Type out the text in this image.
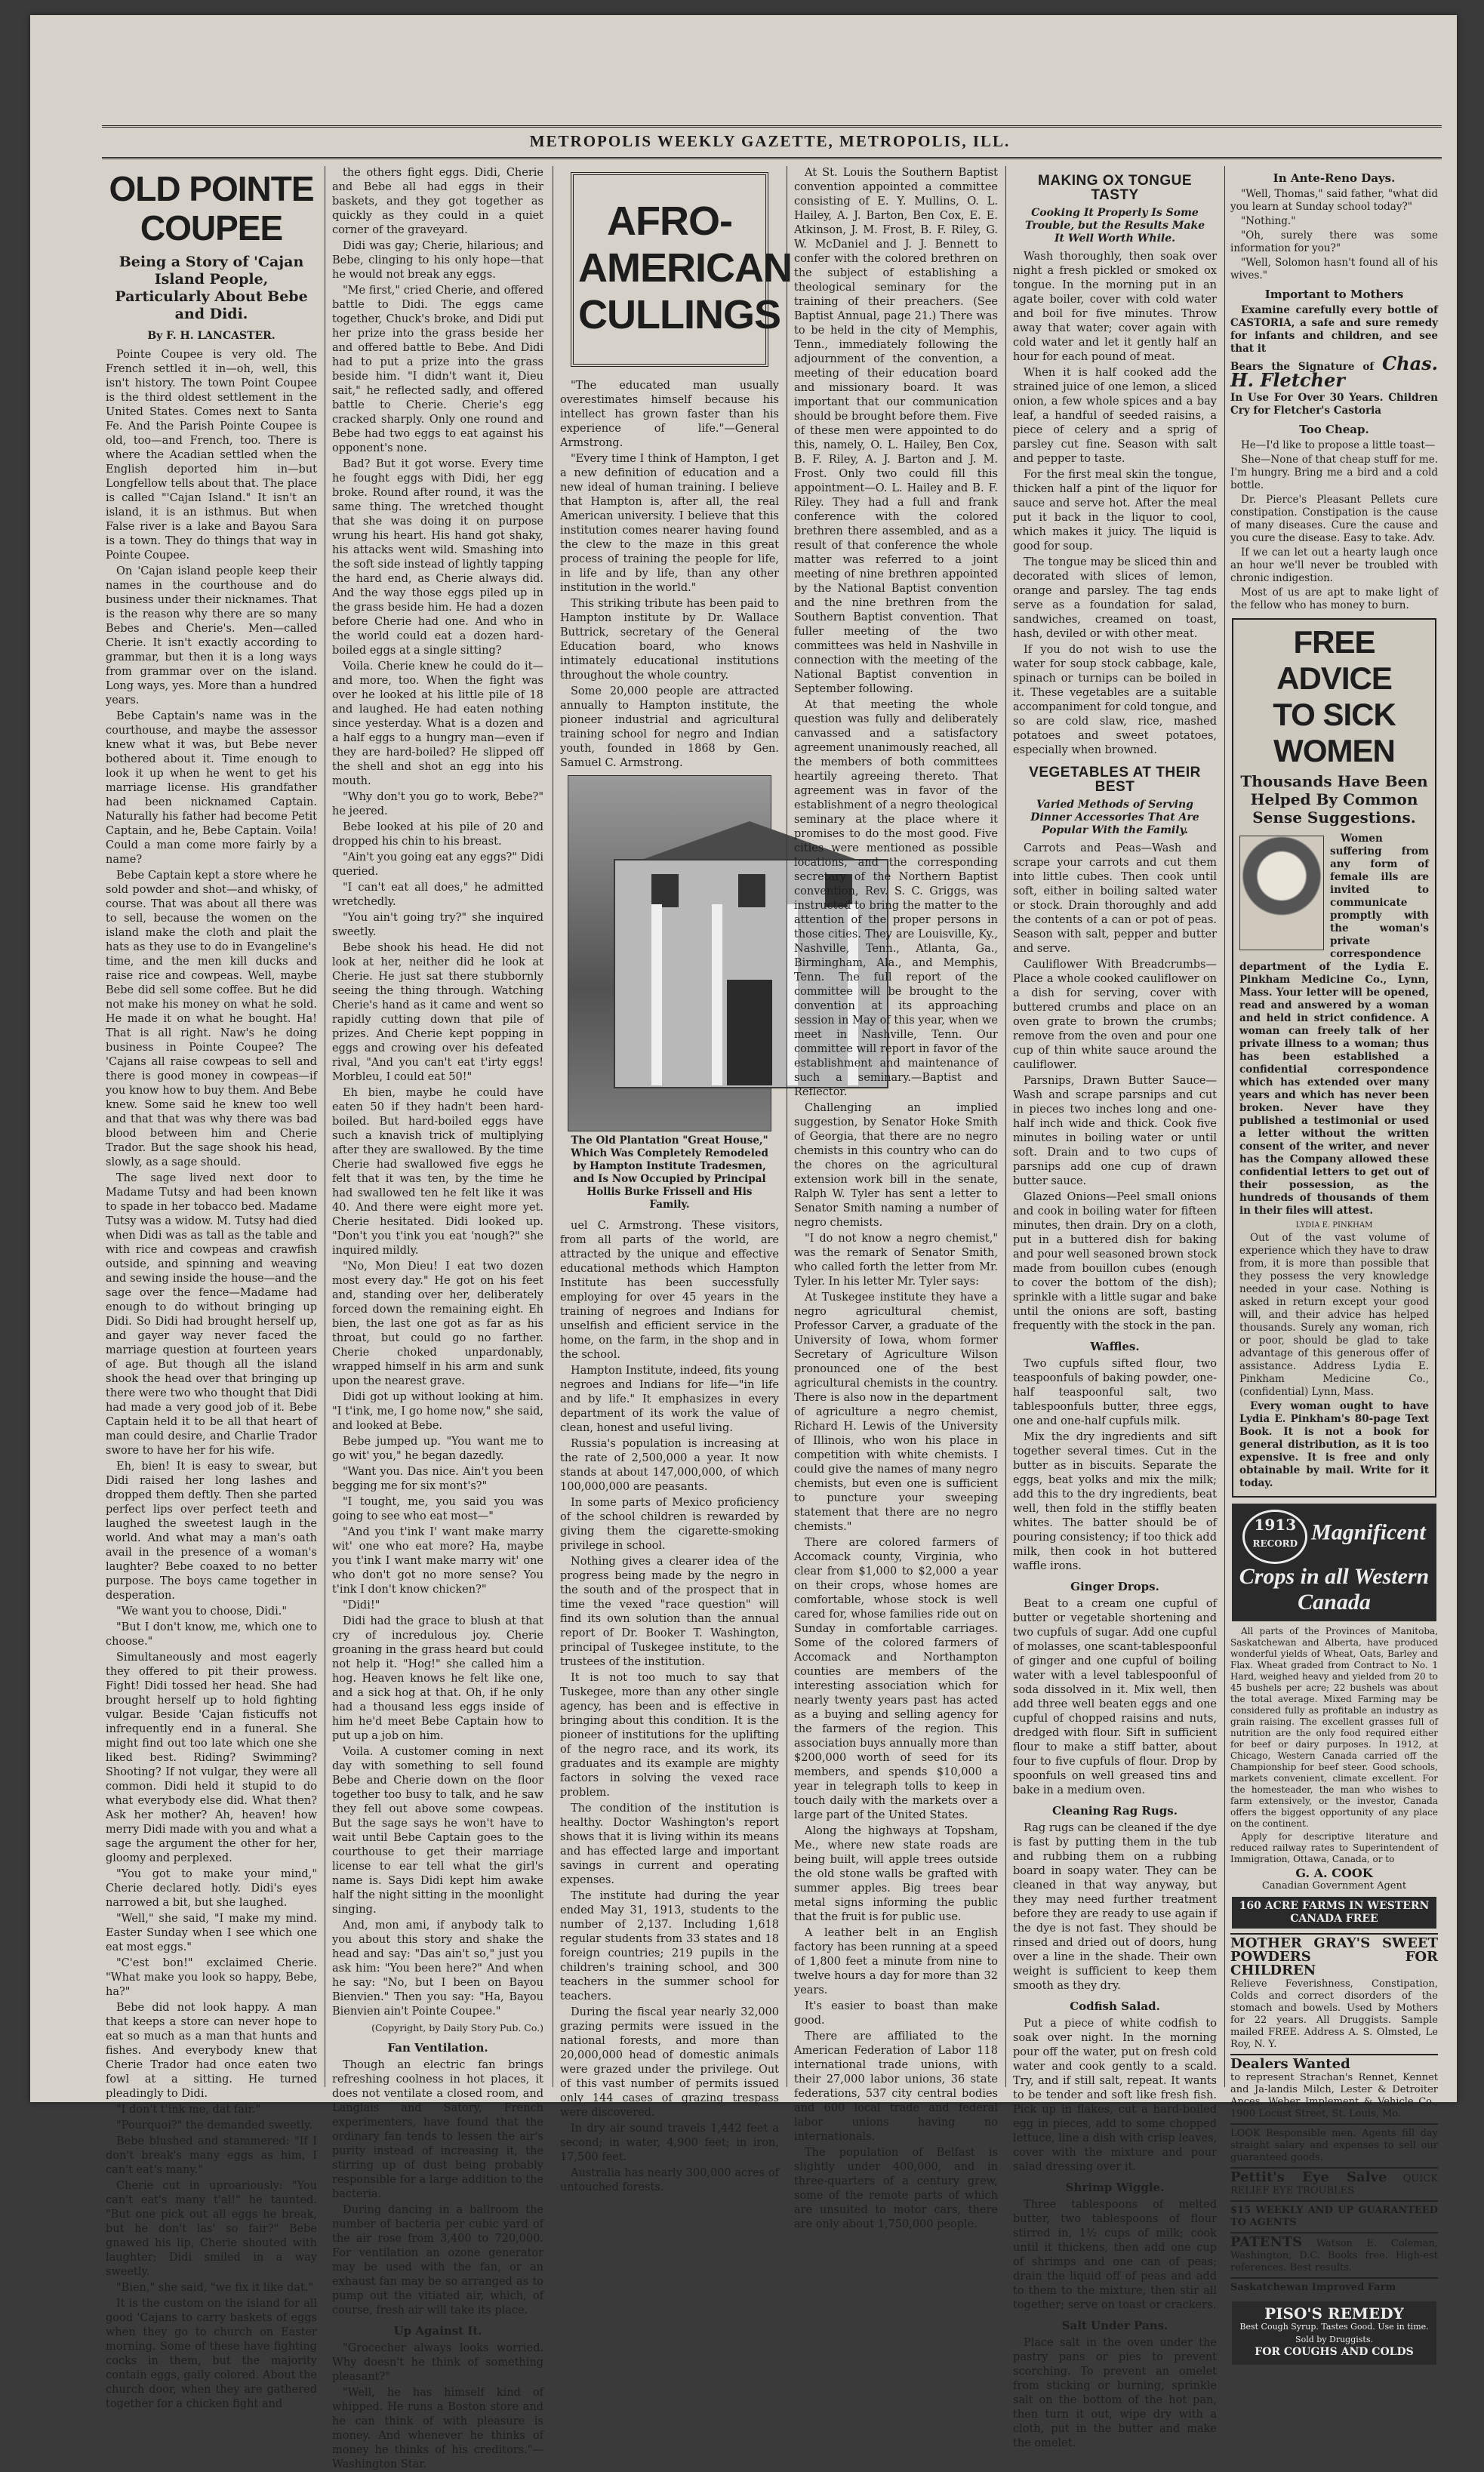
METROPOLIS WEEKLY GAZETTE, METROPOLIS, ILL.
OLD POINTE COUPEE
Being a Story of 'Cajan Island People, Particularly About Bebe and Didi.
By F. H. LANCASTER.

Pointe Coupee is very old. The French settled it in—oh, well, this isn't history. The town Point Coupee is the third oldest settlement in the United States. Comes next to Santa Fe. And the Parish Pointe Coupee is old, too—and French, too. There is where the Acadian settled when the English deported him in—but Longfellow tells about that. The place is called "'Cajan Island." It isn't an island, it is an isthmus. But when False river is a lake and Bayou Sara is a town. They do things that way in Pointe Coupee.

On 'Cajan island people keep their names in the courthouse and do business under their nicknames. That is the reason why there are so many Bebes and Cherie's. Men—called Cherie. It isn't exactly according to grammar, but then it is a long ways from grammar over on the island. Long ways, yes. More than a hundred years.

Bebe Captain's name was in the courthouse, and maybe the assessor knew what it was, but Bebe never bothered about it. Time enough to look it up when he went to get his marriage license. His grandfather had been nicknamed Captain. Naturally his father had become Petit Captain, and he, Bebe Captain. Voila! Could a man come more fairly by a name?

Bebe Captain kept a store where he sold powder and shot—and whisky, of course. That was about all there was to sell, because the women on the island make the cloth and plait the hats as they use to do in Evangeline's time, and the men kill ducks and raise rice and cowpeas. Well, maybe Bebe did sell some coffee. But he did not make his money on what he sold. He made it on what he bought. Ha! That is all right. Naw's he doing business in Pointe Coupee? The 'Cajans all raise cowpeas to sell and there is good money in cowpeas—if you know how to buy them. And Bebe knew. Some said he knew too well and that that was why there was bad blood between him and Cherie Trador. But the sage shook his head, slowly, as a sage should.

The sage lived next door to Madame Tutsy and had been known to spade in her tobacco bed. Madame Tutsy was a widow. M. Tutsy had died when Didi was as tall as the table and with rice and cowpeas and crawfish outside, and spinning and weaving and sewing inside the house—and the sage over the fence—Madame had enough to do without bringing up Didi. So Didi had brought herself up, and gayer way never faced the marriage question at fourteen years of age. But though all the island shook the head over that bringing up there were two who thought that Didi had made a very good job of it. Bebe Captain held it to be all that heart of man could desire, and Charlie Trador swore to have her for his wife.

Eh, bien! It is easy to swear, but Didi raised her long lashes and dropped them deftly. Then she parted perfect lips over perfect teeth and laughed the sweetest laugh in the world. And what may a man's oath avail in the presence of a woman's laughter? Bebe coaxed to no better purpose. The boys came together in desperation.

"We want you to choose, Didi."

"But I don't know, me, which one to choose."

Simultaneously and most eagerly they offered to pit their prowess. Fight! Didi tossed her head. She had brought herself up to hold fighting vulgar. Beside 'Cajan fisticuffs not infrequently end in a funeral. She might find out too late which one she liked best. Riding? Swimming? Shooting? If not vulgar, they were all common. Didi held it stupid to do what everybody else did. What then? Ask her mother? Ah, heaven! how merry Didi made with you and what a sage the argument the other for her, gloomy and perplexed.

"You got to make your mind," Cherie declared hotly. Didi's eyes narrowed a bit, but she laughed.

"Well," she said, "I make my mind. Easter Sunday when I see which one eat most eggs."

"C'est bon!" exclaimed Cherie. "What make you look so happy, Bebe, ha?"

Bebe did not look happy. A man that keeps a store can never hope to eat so much as a man that hunts and fishes. And everybody knew that Cherie Trador had once eaten two fowl at a sitting. He turned pleadingly to Didi.

"I don't t'ink me, dat fair."

"Pourquoi?" the demanded sweetly.

Bebe blushed and stammered: "If I don't break's many eggs as him, I can't eat's many."

Cherie cut in uproariously: "You can't eat's many t'al!" he taunted. "But one pick out all eggs he break, but he don't las' so fair?" Bebe gnawed his lip, Cherie shouted with laughter; Didi smiled in a way sweetly.

"Bien," she said, "we fix it like dat."

It is the custom on the island for all good 'Cajans to carry baskets of eggs when they go to church on Easter morning. Some of these have fighting cocks in them, but the majority contain eggs, gaily colored. About the church door, when they are gathered together for a chicken fight and

the others fight eggs. Didi, Cherie and Bebe all had eggs in their baskets, and they got together as quickly as they could in a quiet corner of the graveyard.

Didi was gay; Cherie, hilarious; and Bebe, clinging to his only hope—that he would not break any eggs.

"Me first," cried Cherie, and offered battle to Didi. The eggs came together, Chuck's broke, and Didi put her prize into the grass beside her and offered battle to Bebe. And Didi had to put a prize into the grass beside him. "I didn't want it, Dieu sait," he reflected sadly, and offered battle to Cherie. Cherie's egg cracked sharply. Only one round and Bebe had two eggs to eat against his opponent's none.

Bad? But it got worse. Every time he fought eggs with Didi, her egg broke. Round after round, it was the same thing. The wretched thought that she was doing it on purpose wrung his heart. His hand got shaky, his attacks went wild. Smashing into the soft side instead of lightly tapping the hard end, as Cherie always did. And the way those eggs piled up in the grass beside him. He had a dozen before Cherie had one. And who in the world could eat a dozen hard-boiled eggs at a single sitting?

Voila. Cherie knew he could do it—and more, too. When the fight was over he looked at his little pile of 18 and laughed. He had eaten nothing since yesterday. What is a dozen and a half eggs to a hungry man—even if they are hard-boiled? He slipped off the shell and shot an egg into his mouth.

"Why don't you go to work, Bebe?" he jeered.

Bebe looked at his pile of 20 and dropped his chin to his breast.

"Ain't you going eat any eggs?" Didi queried.

"I can't eat all does," he admitted wretchedly.

"You ain't going try?" she inquired sweetly.

Bebe shook his head. He did not look at her, neither did he look at Cherie. He just sat there stubbornly seeing the thing through. Watching Cherie's hand as it came and went so rapidly cutting down that pile of prizes. And Cherie kept popping in eggs and crowing over his defeated rival, "And you can't eat t'irty eggs! Morbleu, I could eat 50!"

Eh bien, maybe he could have eaten 50 if they hadn't been hard-boiled. But hard-boiled eggs have such a knavish trick of multiplying after they are swallowed. By the time Cherie had swallowed five eggs he felt that it was ten, by the time he had swallowed ten he felt like it was 40. And there were eight more yet. Cherie hesitated. Didi looked up. "Don't you t'ink you eat 'nough?" she inquired mildly.

"No, Mon Dieu! I eat two dozen most every day." He got on his feet and, standing over her, deliberately forced down the remaining eight. Eh bien, the last one got as far as his throat, but could go no farther. Cherie choked unpardonably, wrapped himself in his arm and sunk upon the nearest grave.

Didi got up without looking at him. "I t'ink, me, I go home now," she said, and looked at Bebe.

Bebe jumped up. "You want me to go wit' you," he began dazedly.

"Want you. Das nice. Ain't you been begging me for six mont's?"

"I tought, me, you said you was going to see who eat most—"

"And you t'ink I' want make marry wit' one who eat more? Ha, maybe you t'ink I want make marry wit' one who don't got no more sense? You t'ink I don't know chicken?"

"Didi!"

Didi had the grace to blush at that cry of incredulous joy. Cherie groaning in the grass heard but could not help it. "Hog!" she called him a hog. Heaven knows he felt like one, and a sick hog at that. Oh, if he only had a thousand less eggs inside of him he'd meet Bebe Captain how to put up a job on him.

Voila. A customer coming in next day with something to sell found Bebe and Cherie down on the floor together too busy to talk, and he saw they fell out above some cowpeas. But the sage says he won't have to wait until Bebe Captain goes to the courthouse to get their marriage license to ear tell what the girl's name is. Says Didi kept him awake half the night sitting in the moonlight singing.

And, mon ami, if anybody talk to you about this story and shake the head and say: "Das ain't so," just you ask him: "You been here?" And when he say: "No, but I been on Bayou Bienvien." Then you say: "Ha, Bayou Bienvien ain't Pointe Coupee."

(Copyright, by Daily Story Pub. Co.)

Fan Ventilation.

Though an electric fan brings refreshing coolness in hot places, it does not ventilate a closed room, and Langlais and Satory, French experimenters, have found that the ordinary fan tends to lessen the air's purity instead of increasing it, the stirring up of dust being probably responsible for a large addition to the bacteria.

During dancing in a ballroom the number of bacteria per cubic yard of the air rose from 3,400 to 720,000. For ventilation an ozone generator may be used with the fan, or an exhaust fan may be so arranged as to pump out the vitiated air, which, of course, fresh air will take its place.

Up Against It.

"Grocecher always looks worried. Why doesn't he think of something pleasant?"

"Well, he has himself kind of whipped. He runs a Boston store and he can think of with pleasure is money. And whenever he thinks of money he thinks of his creditors."—Washington Star.

AFRO-AMERICAN
CULLINGS

"The educated man usually overestimates himself because his intellect has grown faster than his experience of life."—General Armstrong.

"Every time I think of Hampton, I get a new definition of education and a new ideal of human training. I believe that Hampton is, after all, the real American university. I believe that this institution comes nearer having found the clew to the maze in this great process of training the people for life, in life and by life, than any other institution in the world."

This striking tribute has been paid to Hampton institute by Dr. Wallace Buttrick, secretary of the General Education board, who knows intimately educational institutions throughout the whole country.

Some 20,000 people are attracted annually to Hampton institute, the pioneer industrial and agricultural training school for negro and Indian youth, founded in 1868 by Gen. Samuel C. Armstrong.

The Old Plantation "Great House," Which Was Completely Remodeled by Hampton Institute Tradesmen, and Is Now Occupied by Principal Hollis Burke Frissell and His Family.

uel C. Armstrong. These visitors, from all parts of the world, are attracted by the unique and effective educational methods which Hampton Institute has been successfully employing for over 45 years in the training of negroes and Indians for unselfish and efficient service in the home, on the farm, in the shop and in the school.

Hampton Institute, indeed, fits young negroes and Indians for life—"in life and by life." It emphasizes in every department of its work the value of clean, honest and useful living.

Russia's population is increasing at the rate of 2,500,000 a year. It now stands at about 147,000,000, of which 100,000,000 are peasants.

In some parts of Mexico proficiency of the school children is rewarded by giving them the cigarette-smoking privilege in school.

Nothing gives a clearer idea of the progress being made by the negro in the south and of the prospect that in time the vexed "race question" will find its own solution than the annual report of Dr. Booker T. Washington, principal of Tuskegee institute, to the trustees of the institution.

It is not too much to say that Tuskegee, more than any other single agency, has been and is effective in bringing about this condition. It is the pioneer of institutions for the uplifting of the negro race, and its work, its graduates and its example are mighty factors in solving the vexed race problem.

The condition of the institution is healthy. Doctor Washington's report shows that it is living within its means and has effected large and important savings in current and operating expenses.

The institute had during the year ended May 31, 1913, students to the number of 2,137. Including 1,618 regular students from 33 states and 18 foreign countries; 219 pupils in the children's training school, and 300 teachers in the summer school for teachers.

During the fiscal year nearly 32,000 grazing permits were issued in the national forests, and more than 20,000,000 head of domestic animals were grazed under the privilege. Out of this vast number of permits issued only 144 cases of grazing trespass were discovered.

In dry air sound travels 1,442 feet a second; in water, 4,900 feet; in iron, 17,500 feet.

Australia has nearly 300,000 acres of untouched forests.

At St. Louis the Southern Baptist convention appointed a committee consisting of E. Y. Mullins, O. L. Hailey, A. J. Barton, Ben Cox, E. E. Atkinson, J. M. Frost, B. F. Riley, G. W. McDaniel and J. J. Bennett to confer with the colored brethren on the subject of establishing a theological seminary for the training of their preachers. (See Baptist Annual, page 21.) There was to be held in the city of Memphis, Tenn., immediately following the adjournment of the convention, a meeting of their education board and missionary board. It was important that our communication should be brought before them. Five of these men were appointed to do this, namely, O. L. Hailey, Ben Cox, B. F. Riley, A. J. Barton and J. M. Frost. Only two could fill this appointment—O. L. Hailey and B. F. Riley. They had a full and frank conference with the colored brethren there assembled, and as a result of that conference the whole matter was referred to a joint meeting of nine brethren appointed by the National Baptist convention and the nine brethren from the Southern Baptist convention. That fuller meeting of the two committees was held in Nashville in connection with the meeting of the National Baptist convention in September following.

At that meeting the whole question was fully and deliberately canvassed and a satisfactory agreement unanimously reached, all the members of both committees heartily agreeing thereto. That agreement was in favor of the establishment of a negro theological seminary at the place where it promises to do the most good. Five cities were mentioned as possible locations, and the corresponding secretary of the Northern Baptist convention, Rev. S. C. Griggs, was instructed to bring the matter to the attention of the proper persons in those cities. They are Louisville, Ky., Nashville, Tenn., Atlanta, Ga., Birmingham, Ala., and Memphis, Tenn. The full report of the committee will be brought to the convention at its approaching session in May of this year, when we meet in Nashville, Tenn. Our committee will report in favor of the establishment and maintenance of such a seminary.—Baptist and Reflector.

Challenging an implied suggestion, by Senator Hoke Smith of Georgia, that there are no negro chemists in this country who can do the chores on the agricultural extension work bill in the senate, Ralph W. Tyler has sent a letter to Senator Smith naming a number of negro chemists.

"I do not know a negro chemist," was the remark of Senator Smith, who called forth the letter from Mr. Tyler. In his letter Mr. Tyler says:

At Tuskegee institute they have a negro agricultural chemist, Professor Carver, a graduate of the University of Iowa, whom former Secretary of Agriculture Wilson pronounced one of the best agricultural chemists in the country. There is also now in the department of agriculture a negro chemist, Richard H. Lewis of the University of Illinois, who won his place in competition with white chemists. I could give the names of many negro chemists, but even one is sufficient to puncture your sweeping statement that there are no negro chemists."

There are colored farmers of Accomack county, Virginia, who clear from $1,000 to $2,000 a year on their crops, whose homes are comfortable, whose stock is well cared for, whose families ride out on Sunday in comfortable carriages. Some of the colored farmers of Accomack and Northampton counties are members of the interesting association which for nearly twenty years past has acted as a buying and selling agency for the farmers of the region. This association buys annually more than $200,000 worth of seed for its members, and spends $10,000 a year in telegraph tolls to keep in touch daily with the markets over a large part of the United States.

Along the highways at Topsham, Me., where new state roads are being built, will apple trees outside the old stone walls be grafted with summer apples. Big trees bear metal signs informing the public that the fruit is for public use.

A leather belt in an English factory has been running at a speed of 1,800 feet a minute from nine to twelve hours a day for more than 32 years.

It's easier to boast than make good.

There are affiliated to the American Federation of Labor 118 international trade unions, with their 27,000 labor unions, 36 state federations, 537 city central bodies and 600 local trade and federal labor unions having no internationals.

The population of Belfast is slightly under 400,000, and in three-quarters of a century grew, some of the remote parts of which are unsuited to motor cars, there are only about 1,750,000 people.

MAKING OX TONGUE TASTY
Cooking It Properly Is Some Trouble, but the Results Make It Well Worth While.

Wash thoroughly, then soak over night a fresh pickled or smoked ox tongue. In the morning put in an agate boiler, cover with cold water and boil for five minutes. Throw away that water; cover again with cold water and let it gently half an hour for each pound of meat.

When it is half cooked add the strained juice of one lemon, a sliced onion, a few whole spices and a bay leaf, a handful of seeded raisins, a piece of celery and a sprig of parsley cut fine. Season with salt and pepper to taste.

For the first meal skin the tongue, thicken half a pint of the liquor for sauce and serve hot. After the meal put it back in the liquor to cool, which makes it juicy. The liquid is good for soup.

The tongue may be sliced thin and decorated with slices of lemon, orange and parsley. The tag ends serve as a foundation for salad, sandwiches, creamed on toast, hash, deviled or with other meat.

If you do not wish to use the water for soup stock cabbage, kale, spinach or turnips can be boiled in it. These vegetables are a suitable accompaniment for cold tongue, and so are cold slaw, rice, mashed potatoes and sweet potatoes, especially when browned.

VEGETABLES AT THEIR BEST
Varied Methods of Serving Dinner Accessories That Are Popular With the Family.

Carrots and Peas—Wash and scrape your carrots and cut them into little cubes. Then cook until soft, either in boiling salted water or stock. Drain thoroughly and add the contents of a can or pot of peas. Season with salt, pepper and butter and serve.

Cauliflower With Breadcrumbs—Place a whole cooked cauliflower on a dish for serving, cover with buttered crumbs and place on an oven grate to brown the crumbs; remove from the oven and pour one cup of thin white sauce around the cauliflower.

Parsnips, Drawn Butter Sauce—Wash and scrape parsnips and cut in pieces two inches long and one-half inch wide and thick. Cook five minutes in boiling water or until soft. Drain and to two cups of parsnips add one cup of drawn butter sauce.

Glazed Onions—Peel small onions and cook in boiling water for fifteen minutes, then drain. Dry on a cloth, put in a buttered dish for baking and pour well seasoned brown stock made from bouillon cubes (enough to cover the bottom of the dish); sprinkle with a little sugar and bake until the onions are soft, basting frequently with the stock in the pan.

Waffles.

Two cupfuls sifted flour, two teaspoonfuls of baking powder, one-half teaspoonful salt, two tablespoonfuls butter, three eggs, one and one-half cupfuls milk.

Mix the dry ingredients and sift together several times. Cut in the butter as in biscuits. Separate the eggs, beat yolks and mix the milk; add this to the dry ingredients, beat well, then fold in the stiffly beaten whites. The batter should be of pouring consistency; if too thick add milk, then cook in hot buttered waffle irons.

Ginger Drops.

Beat to a cream one cupful of butter or vegetable shortening and two cupfuls of sugar. Add one cupful of molasses, one scant-tablespoonful of ginger and one cupful of boiling water with a level tablespoonful of soda dissolved in it. Mix well, then add three well beaten eggs and one cupful of chopped raisins and nuts, dredged with flour. Sift in sufficient flour to make a stiff batter, about four to five cupfuls of flour. Drop by spoonfuls on well greased tins and bake in a medium oven.

Cleaning Rag Rugs.

Rag rugs can be cleaned if the dye is fast by putting them in the tub and rubbing them on a rubbing board in soapy water. They can be cleaned in that way anyway, but they may need further treatment before they are ready to use again if the dye is not fast. They should be rinsed and dried out of doors, hung over a line in the shade. Their own weight is sufficient to keep them smooth as they dry.

Codfish Salad.

Put a piece of white codfish to soak over night. In the morning pour off the water, put on fresh cold water and cook gently to a scald. Try, and if still salt, repeat. It wants to be tender and soft like fresh fish. Pick up in flakes, cut a hard-boiled egg in pieces, add to some chopped lettuce, line a dish with crisp leaves, cover with the mixture and pour salad dressing over it.

Shrimp Wiggle.

Three tablespoons of melted butter, two tablespoons of flour stirred in, 1½ cups of milk; cook until it thickens, then add one cup of shrimps and one can of peas; drain the liquid off of peas and add to them to the mixture, then stir all together; serve on toast or crackers.

Salt Under Pans.

Place salt in the oven under the pastry pans or pies to prevent scorching. To prevent an omelet from sticking or burning, sprinkle salt on the bottom of the hot pan, then turn it out, wipe dry with a cloth, put in the butter and make the omelet.

In Ante-Reno Days.

"Well, Thomas," said father, "what did you learn at Sunday school today?"

"Nothing."

"Oh, surely there was some information for you?"

"Well, Solomon hasn't found all of his wives."

Important to Mothers

Examine carefully every bottle of CASTORIA, a safe and sure remedy for infants and children, and see that it

Bears the Signature of Chas. H. Fletcher

In Use For Over 30 Years. Children Cry for Fletcher's Castoria

Too Cheap.

He—I'd like to propose a little toast—

She—None of that cheap stuff for me. I'm hungry. Bring me a bird and a cold bottle.

Dr. Pierce's Pleasant Pellets cure constipation. Constipation is the cause of many diseases. Cure the cause and you cure the disease. Easy to take. Adv.

If we can let out a hearty laugh once an hour we'll never be troubled with chronic indigestion.

Most of us are apt to make light of the fellow who has money to burn.

FREE ADVICE
TO SICK WOMEN
Thousands Have Been Helped By Common Sense Suggestions.

Women suffering from any form of female ills are invited to communicate promptly with the woman's private correspondence department of the Lydia E. Pinkham Medicine Co., Lynn, Mass. Your letter will be opened, read and answered by a woman and held in strict confidence. A woman can freely talk of her private illness to a woman; thus has been established a confidential correspondence which has extended over many years and which has never been broken. Never have they published a testimonial or used a letter without the written consent of the writer, and never has the Company allowed these confidential letters to get out of their possession, as the hundreds of thousands of them in their files will attest.

LYDIA E. PINKHAM

Out of the vast volume of experience which they have to draw from, it is more than possible that they possess the very knowledge needed in your case. Nothing is asked in return except your good will, and their advice has helped thousands. Surely any woman, rich or poor, should be glad to take advantage of this generous offer of assistance. Address Lydia E. Pinkham Medicine Co., (confidential) Lynn, Mass.

Every woman ought to have Lydia E. Pinkham's 80-page Text Book. It is not a book for general distribution, as it is too expensive. It is free and only obtainable by mail. Write for it today.

1913
RECORD Magnificent Crops in all Western Canada

All parts of the Provinces of Manitoba, Saskatchewan and Alberta, have produced wonderful yields of Wheat, Oats, Barley and Flax. Wheat graded from Contract to No. 1 Hard, weighed heavy and yielded from 20 to 45 bushels per acre; 22 bushels was about the total average. Mixed Farming may be considered fully as profitable an industry as grain raising. The excellent grasses full of nutrition are the only food required either for beef or dairy purposes. In 1912, at Chicago, Western Canada carried off the Championship for beef steer. Good schools, markets convenient, climate excellent. For the homesteader, the man who wishes to farm extensively, or the investor, Canada offers the biggest opportunity of any place on the continent.

Apply for descriptive literature and reduced railway rates to Superintendent of Immigration, Ottawa, Canada, or to

G. A. COOK
Canadian Government Agent
160 ACRE FARMS IN WESTERN CANADA FREE
MOTHER GRAY'S SWEET POWDERS FOR CHILDREN
Relieve Feverishness, Constipation, Colds and correct disorders of the stomach and bowels. Used by Mothers for 22 years. All Druggists. Sample mailed FREE. Address A. S. Olmsted, Le Roy, N. Y.
Dealers Wanted
to represent Strachan's Rennet, Kennet and Ja-landis Milch, Lester & Detroiter Ances. Weber Implement & Vehicle Co., 1900 Locust Street, St. Louis, Mo.
LOOK Responsible men. Agents fill day straight salary and expenses to sell our guaranteed goods.
Pettit's Eye Salve QUICK RELIEF EYE TROUBLES
$15 WEEKLY AND UP GUARANTEED TO AGENTS
PATENTS Watson E. Coleman, Washington, D.C. Books free. High-est references. Best results.
Saskatchewan Improved Farm
PISO'S REMEDY
Best Cough Syrup. Tastes Good. Use in time. Sold by Druggists.
FOR COUGHS AND COLDS
